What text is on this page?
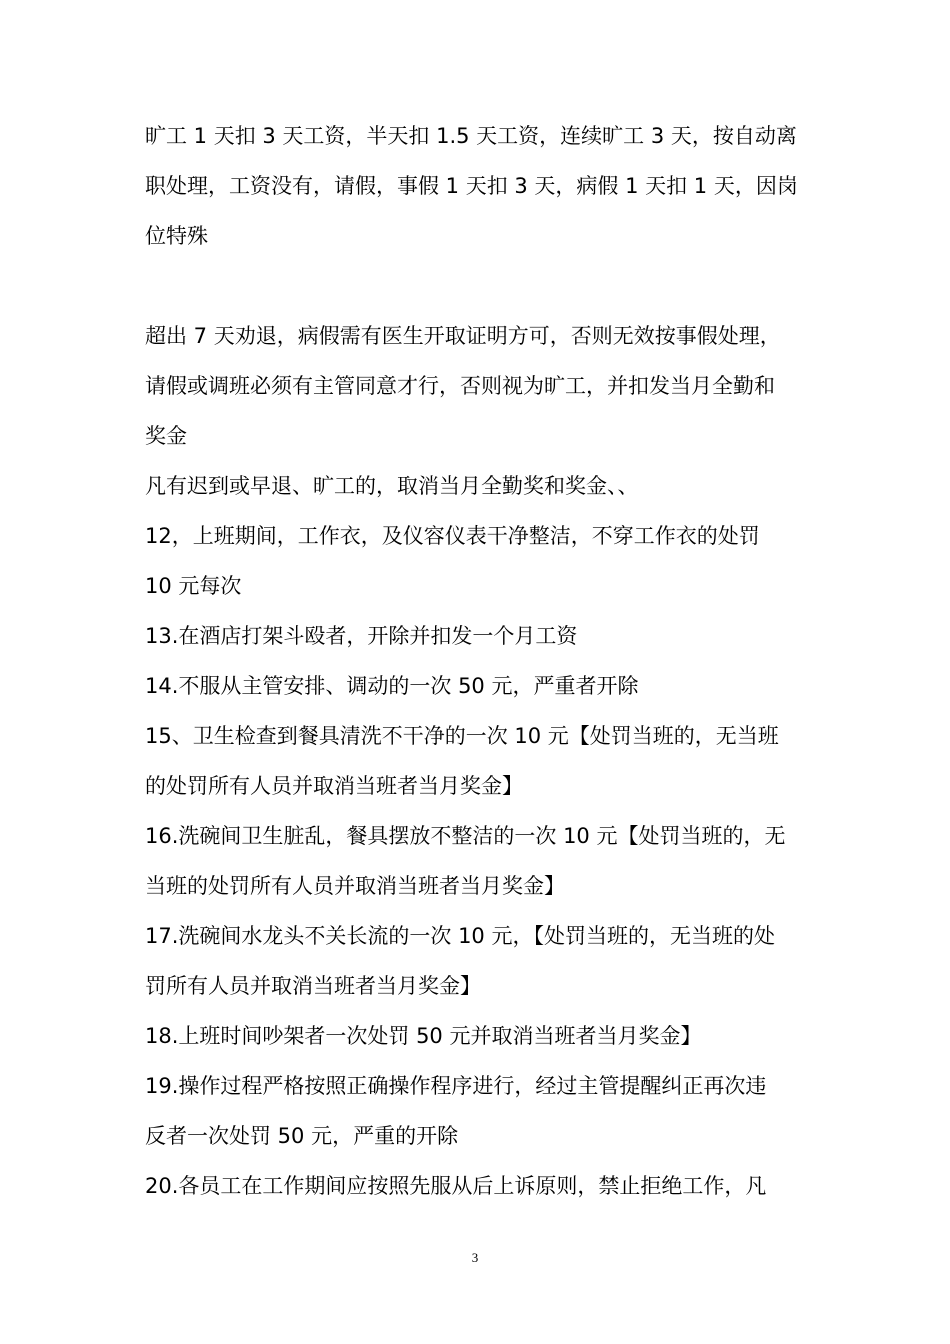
旷工 1 天扣 3 天工资，半天扣 1.5 天工资，连续旷工 3 天，按自动离
职处理，工资没有，请假，事假 1 天扣 3 天，病假 1 天扣 1 天，因岗
位特殊
超出 7 天劝退，病假需有医生开取证明方可，否则无效按事假处理，
请假或调班必须有主管同意才行，否则视为旷工，并扣发当月全勤和
奖金
凡有迟到或早退、旷工的，取消当月全勤奖和奖金、、
12，上班期间，工作衣，及仪容仪表干净整洁，不穿工作衣的处罚
10 元每次
13.在酒店打架斗殴者，开除并扣发一个月工资
14.不服从主管安排、调动的一次 50 元，严重者开除
15、卫生检查到餐具清洗不干净的一次 10 元【处罚当班的，无当班
的处罚所有人员并取消当班者当月奖金】
16.洗碗间卫生脏乱，餐具摆放不整洁的一次 10 元【处罚当班的，无
当班的处罚所有人员并取消当班者当月奖金】
17.洗碗间水龙头不关长流的一次 10 元，【处罚当班的，无当班的处
罚所有人员并取消当班者当月奖金】
18.上班时间吵架者一次处罚 50 元并取消当班者当月奖金】
19.操作过程严格按照正确操作程序进行，经过主管提醒纠正再次违
反者一次处罚 50 元，严重的开除
20.各员工在工作期间应按照先服从后上诉原则，禁止拒绝工作，凡
3
